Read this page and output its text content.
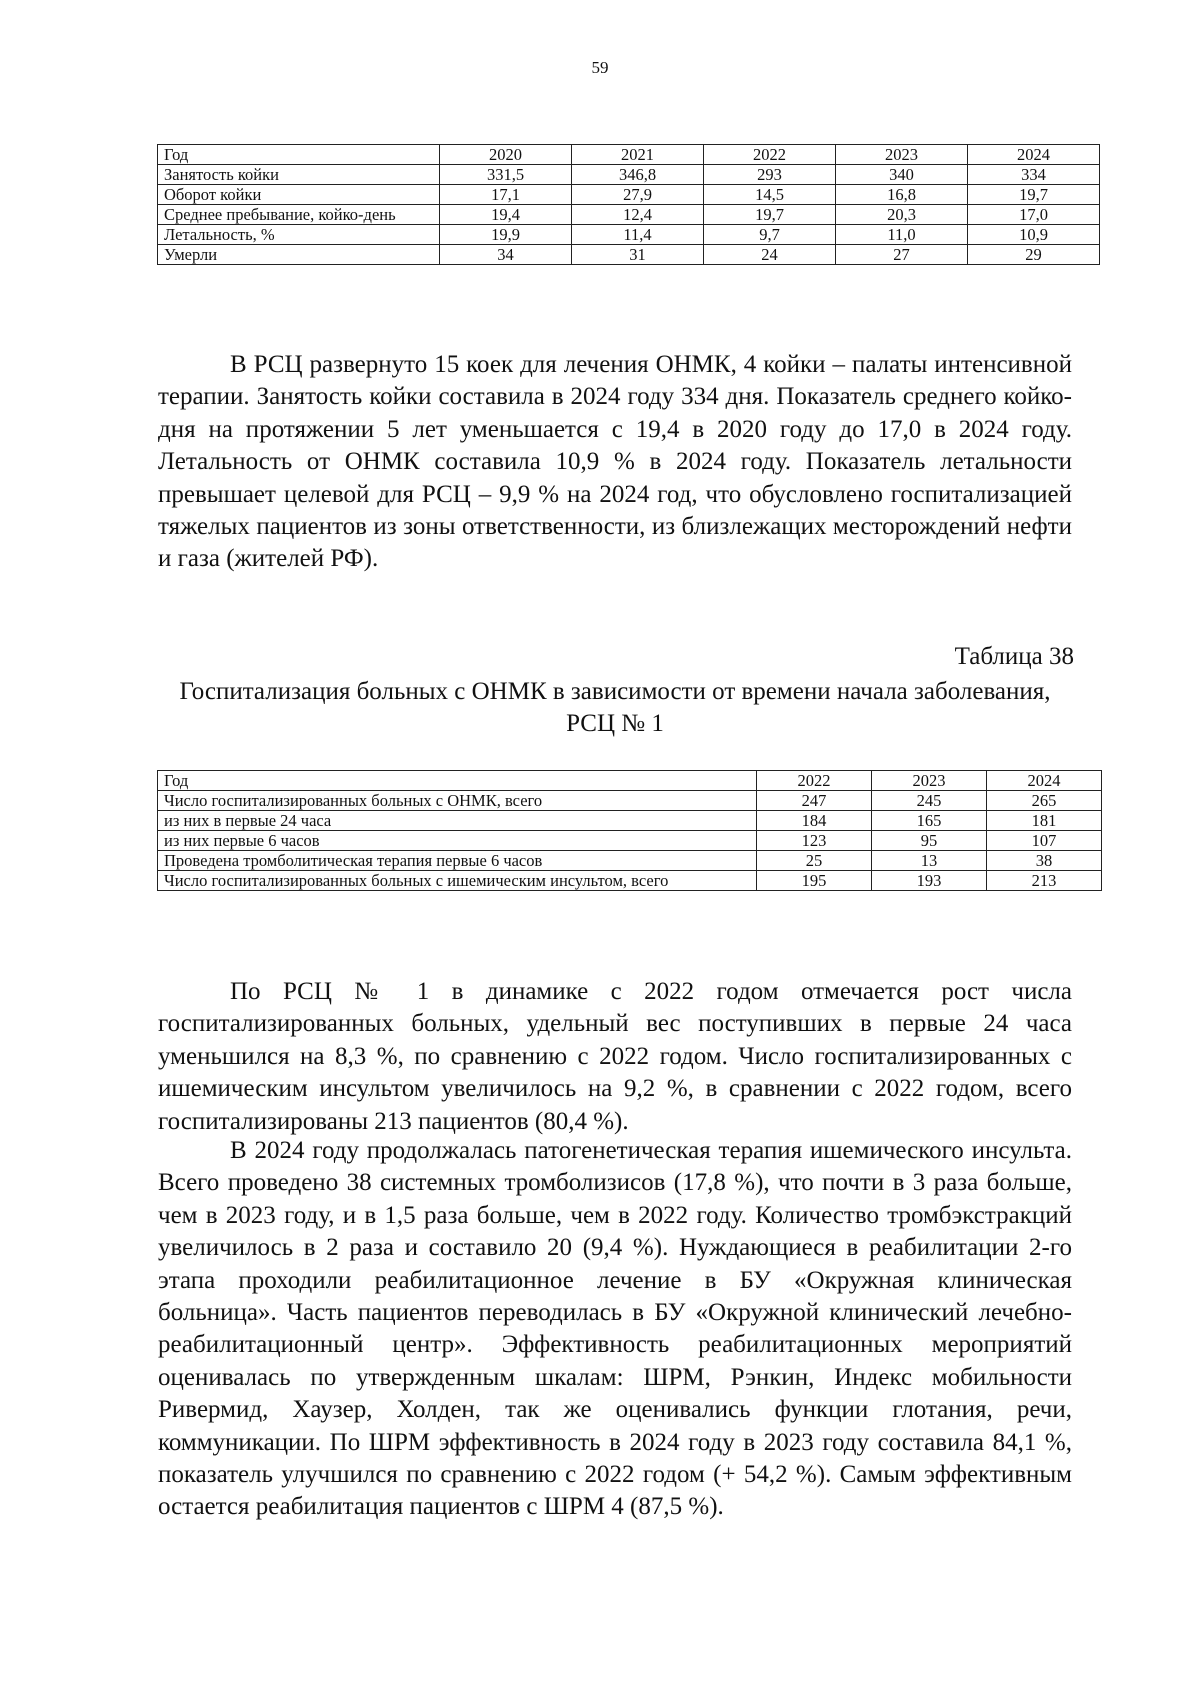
59
Год	2020	2021	2022	2023	2024
Занятость койки	331,5	346,8	293	340	334
Оборот койки	17,1	27,9	14,5	16,8	19,7
Среднее пребывание, койко-день	19,4	12,4	19,7	20,3	17,0
Летальность, %	19,9	11,4	9,7	11,0	10,9
Умерли	34	31	24	27	29

В РСЦ развернуто 15 коек для лечения ОНМК, 4 койки – палаты интенсивной терапии. Занятость койки составила в 2024 году 334 дня. Показатель среднего койко-дня на протяжении 5 лет уменьшается с 19,4 в 2020 году до 17,0 в 2024 году. Летальность от ОНМК составила 10,9 % в 2024 году. Показатель летальности превышает целевой для РСЦ – 9,9 % на 2024 год, что обусловлено госпитализацией тяжелых пациентов из зоны ответственности, из близлежащих месторождений нефти и газа (жителей РФ).

Таблица 38
Госпитализация больных с ОНМК в зависимости от времени начала заболевания, РСЦ № 1
Год	2022	2023	2024
Число госпитализированных больных с ОНМК, всего	247	245	265
из них в первые 24 часа	184	165	181
из них первые 6 часов	123	95	107
Проведена тромболитическая терапия первые 6 часов	25	13	38
Число госпитализированных больных с ишемическим инсультом, всего	195	193	213

По РСЦ № 1 в динамике с 2022 годом отмечается рост числа госпитализированных больных, удельный вес поступивших в первые 24 часа уменьшился на 8,3 %, по сравнению с 2022 годом. Число госпитализированных с ишемическим инсультом увеличилось на 9,2 %, в сравнении с 2022 годом, всего госпитализированы 213 пациентов (80,4 %).

В 2024 году продолжалась патогенетическая терапия ишемического инсульта. Всего проведено 38 системных тромболизисов (17,8 %), что почти в 3 раза больше, чем в 2023 году, и в 1,5 раза больше, чем в 2022 году. Количество тромбэкстракций увеличилось в 2 раза и составило 20 (9,4 %). Нуждающиеся в реабилитации 2-го этапа проходили реабилитационное лечение в БУ «Окружная клиническая больница». Часть пациентов переводилась в БУ «Окружной клинический лечебно-реабилитационный центр». Эффективность реабилитационных мероприятий оценивалась по утвержденным шкалам: ШРМ, Рэнкин, Индекс мобильности Ривермид, Хаузер, Холден, так же оценивались функции глотания, речи, коммуникации. По ШРМ эффективность в 2024 году в 2023 году составила 84,1 %, показатель улучшился по сравнению с 2022 годом (+ 54,2 %). Самым эффективным остается реабилитация пациентов с ШРМ 4 (87,5 %).
